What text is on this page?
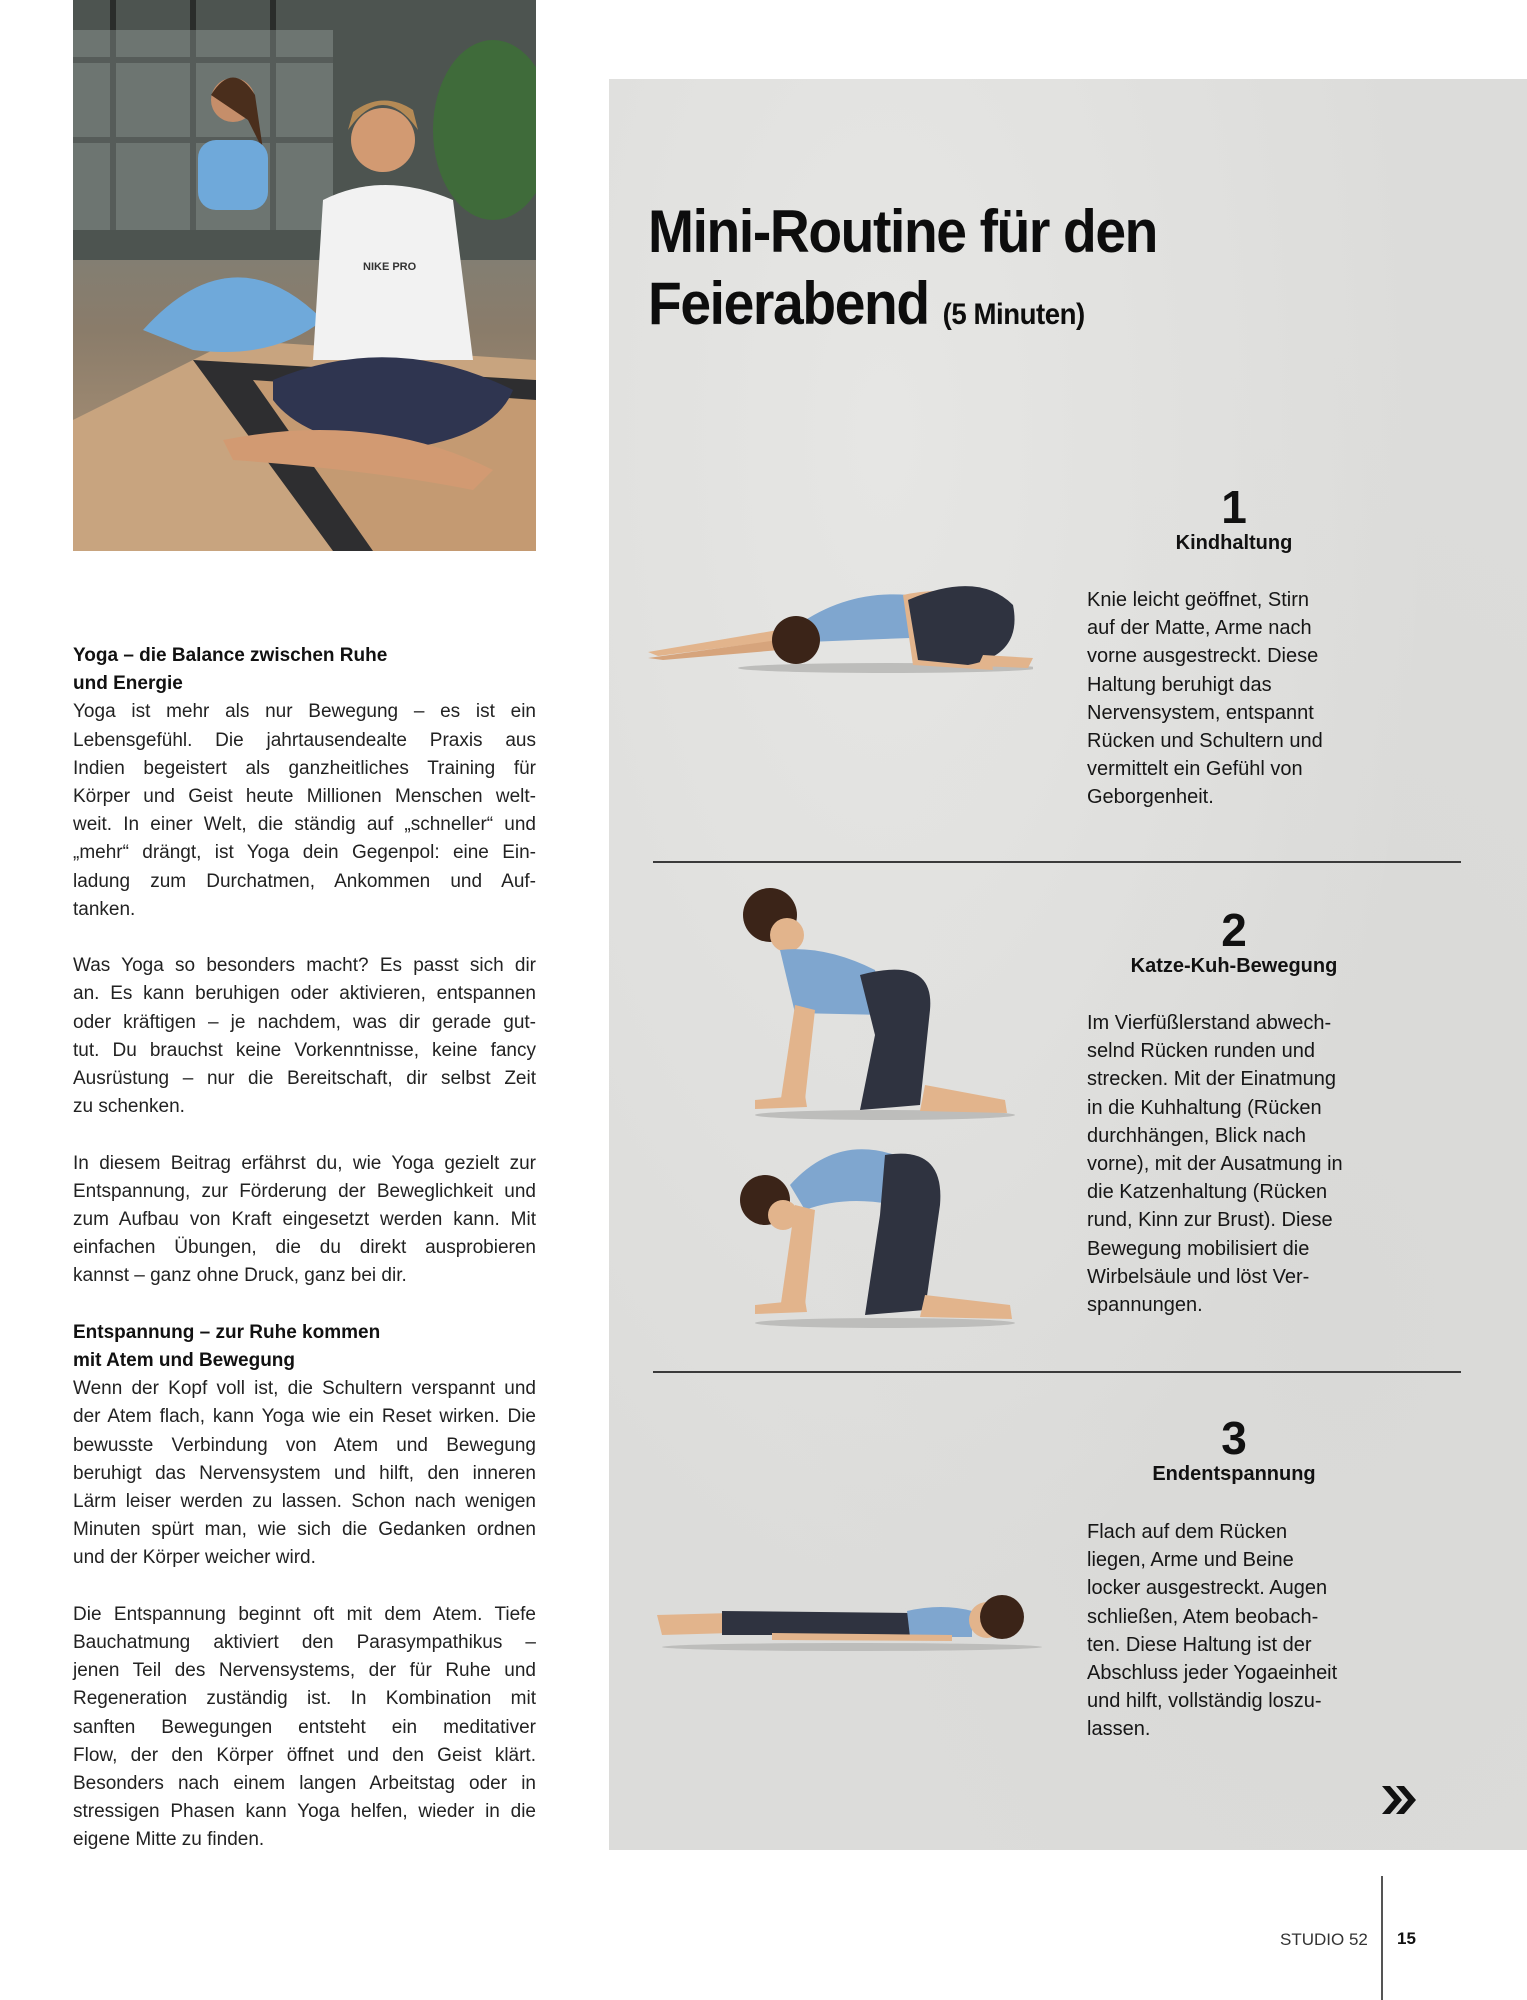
NIKE PRO
Mini-Routine für den
Feierabend (5 Minuten)
Yoga – die Balance zwischen Ruhe
und Energie
Yoga ist mehr als nur Bewegung – es ist ein
Lebensgefühl. Die jahrtausendealte Praxis aus
Indien begeistert als ganzheitliches Training für
Körper und Geist heute Millionen Menschen welt-
weit. In einer Welt, die ständig auf „schneller“ und
„mehr“ drängt, ist Yoga dein Gegenpol: eine Ein-
ladung zum Durchatmen, Ankommen und Auf-
tanken.
Was Yoga so besonders macht? Es passt sich dir
an. Es kann beruhigen oder aktivieren, entspannen
oder kräftigen – je nachdem, was dir gerade gut-
tut. Du brauchst keine Vorkenntnisse, keine fancy
Ausrüstung – nur die Bereitschaft, dir selbst Zeit
zu schenken.
In diesem Beitrag erfährst du, wie Yoga gezielt zur
Entspannung, zur Förderung der Beweglichkeit und
zum Aufbau von Kraft eingesetzt werden kann. Mit
einfachen Übungen, die du direkt ausprobieren
kannst – ganz ohne Druck, ganz bei dir.
Entspannung – zur Ruhe kommen
mit Atem und Bewegung
Wenn der Kopf voll ist, die Schultern verspannt und
der Atem flach, kann Yoga wie ein Reset wirken. Die
bewusste Verbindung von Atem und Bewegung
beruhigt das Nervensystem und hilft, den inneren
Lärm leiser werden zu lassen. Schon nach wenigen
Minuten spürt man, wie sich die Gedanken ordnen
und der Körper weicher wird.
Die Entspannung beginnt oft mit dem Atem. Tiefe
Bauchatmung aktiviert den Parasympathikus –
jenen Teil des Nervensystems, der für Ruhe und
Regeneration zuständig ist. In Kombination mit
sanften Bewegungen entsteht ein meditativer
Flow, der den Körper öffnet und den Geist klärt.
Besonders nach einem langen Arbeitstag oder in
stressigen Phasen kann Yoga helfen, wieder in die
eigene Mitte zu finden.
1
Kindhaltung
Knie leicht geöffnet, Stirn
auf der Matte, Arme nach
vorne ausgestreckt. Diese
Haltung beruhigt das
Nervensystem, entspannt
Rücken und Schultern und
vermittelt ein Gefühl von
Geborgenheit.
2
Katze-Kuh-Bewegung
Im Vierfüßlerstand abwech-
selnd Rücken runden und
strecken. Mit der Einatmung
in die Kuhhaltung (Rücken
durchhängen, Blick nach
vorne), mit der Ausatmung in
die Katzenhaltung (Rücken
rund, Kinn zur Brust). Diese
Bewegung mobilisiert die
Wirbelsäule und löst Ver-
spannungen.
3
Endentspannung
Flach auf dem Rücken
liegen, Arme und Beine
locker ausgestreckt. Augen
schließen, Atem beobach-
ten. Diese Haltung ist der
Abschluss jeder Yogaeinheit
und hilft, vollständig loszu-
lassen.
STUDIO 52 15
